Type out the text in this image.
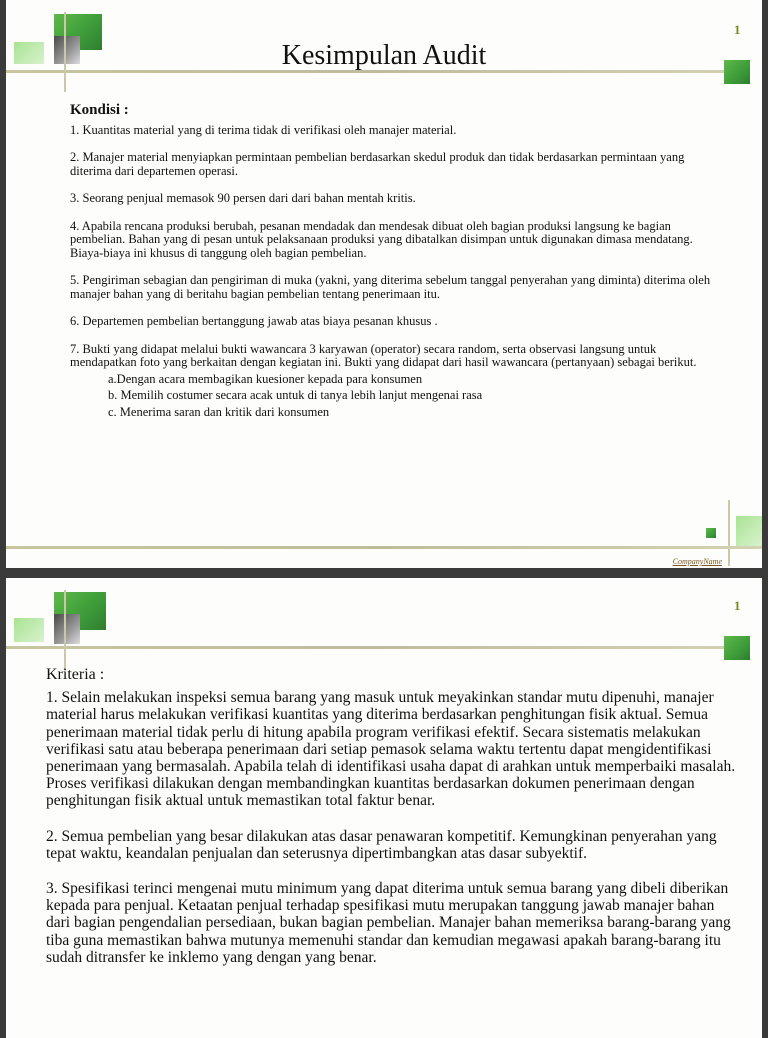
1
Kesimpulan Audit
Kondisi :

1. Kuantitas material yang di terima tidak di verifikasi oleh manajer material.

2. Manajer material menyiapkan permintaan pembelian berdasarkan skedul produk dan tidak berdasarkan permintaan yang diterima dari departemen operasi.

3. Seorang penjual memasok 90 persen dari dari bahan mentah kritis.

4. Apabila rencana produksi berubah, pesanan mendadak dan mendesak dibuat oleh bagian produksi langsung ke bagian pembelian. Bahan yang di pesan untuk pelaksanaan produksi yang dibatalkan disimpan untuk digunakan dimasa mendatang. Biaya-biaya ini khusus di tanggung oleh bagian pembelian.

5. Pengiriman sebagian dan pengiriman di muka (yakni, yang diterima sebelum tanggal penyerahan yang diminta) diterima oleh manajer bahan yang di beritahu bagian pembelian tentang penerimaan itu.

6. Departemen pembelian bertanggung jawab atas biaya pesanan khusus .

7. Bukti yang didapat melalui bukti wawancara 3 karyawan (operator) secara random, serta observasi langsung untuk mendapatkan foto yang berkaitan dengan kegiatan ini. Bukti yang didapat dari hasil wawancara (pertanyaan) sebagai berikut.

a.Dengan acara membagikan kuesioner kepada para konsumen
b. Memilih costumer secara acak untuk di tanya lebih lanjut mengenai rasa
c. Menerima saran dan kritik dari konsumen
CompanyName
1
Kriteria :

1. Selain melakukan inspeksi semua barang yang masuk untuk meyakinkan standar mutu dipenuhi, manajer material harus melakukan verifikasi kuantitas yang diterima berdasarkan penghitungan fisik aktual. Semua penerimaan material tidak perlu di hitung apabila program verifikasi efektif. Secara sistematis melakukan verifikasi satu atau beberapa penerimaan dari setiap pemasok selama waktu tertentu dapat mengidentifikasi penerimaan yang bermasalah. Apabila telah di identifikasi usaha dapat di arahkan untuk memperbaiki masalah. Proses verifikasi dilakukan dengan membandingkan kuantitas berdasarkan dokumen penerimaan dengan penghitungan fisik aktual untuk memastikan total faktur benar.

2. Semua pembelian yang besar dilakukan atas dasar penawaran kompetitif. Kemungkinan penyerahan yang tepat waktu, keandalan penjualan dan seterusnya dipertimbangkan atas dasar subyektif.

3. Spesifikasi terinci mengenai mutu minimum yang dapat diterima untuk semua barang yang dibeli diberikan kepada para penjual. Ketaatan penjual terhadap spesifikasi mutu merupakan tanggung jawab manajer bahan dari bagian pengendalian persediaan, bukan bagian pembelian. Manajer bahan memeriksa barang-barang yang tiba guna memastikan bahwa mutunya memenuhi standar dan kemudian megawasi apakah barang-barang itu sudah ditransfer ke inklemo yang dengan yang benar.
